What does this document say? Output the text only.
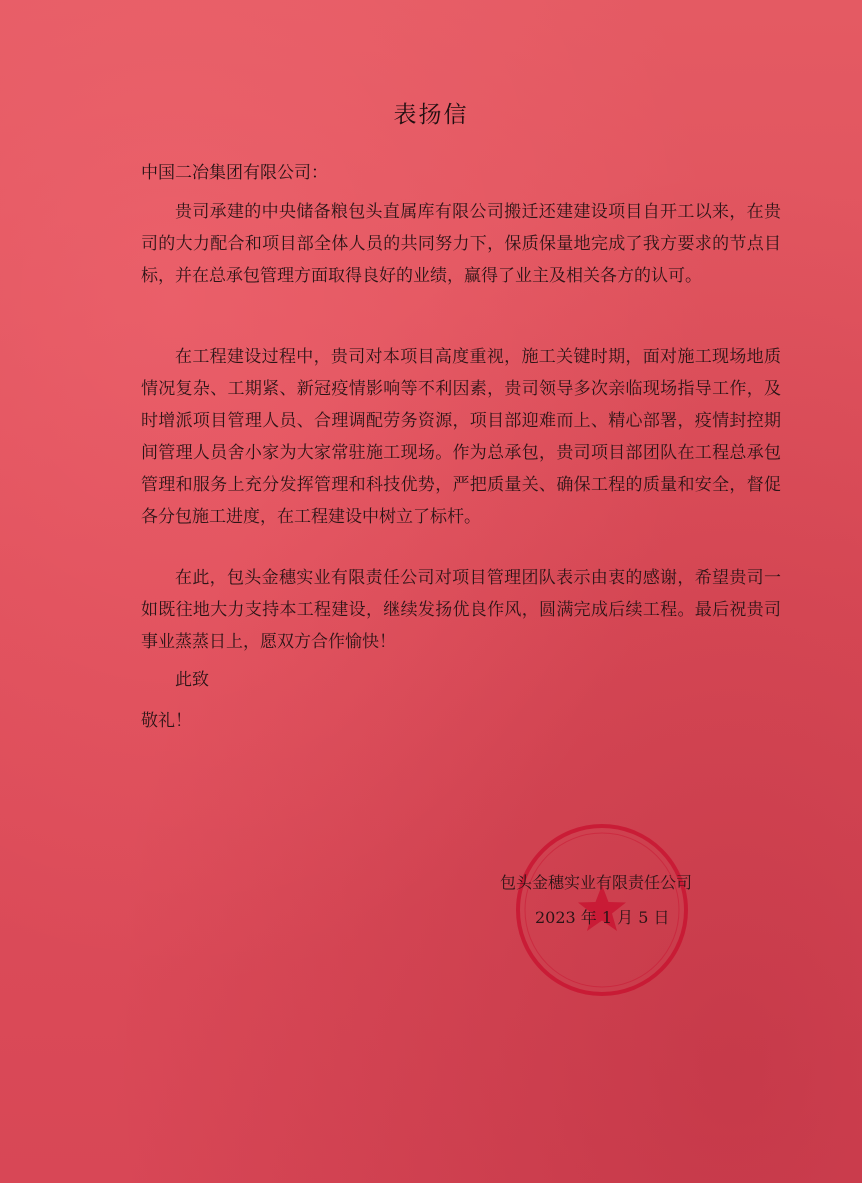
表扬信
中国二冶集团有限公司：

贵司承建的中央储备粮包头直属库有限公司搬迁还建建设项目自开工以来，在贵司的大力配合和项目部全体人员的共同努力下，保质保量地完成了我方要求的节点目标，并在总承包管理方面取得良好的业绩，赢得了业主及相关各方的认可。

在工程建设过程中，贵司对本项目高度重视，施工关键时期，面对施工现场地质情况复杂、工期紧、新冠疫情影响等不利因素，贵司领导多次亲临现场指导工作，及时增派项目管理人员、合理调配劳务资源，项目部迎难而上、精心部署，疫情封控期间管理人员舍小家为大家常驻施工现场。作为总承包，贵司项目部团队在工程总承包管理和服务上充分发挥管理和科技优势，严把质量关、确保工程的质量和安全，督促各分包施工进度，在工程建设中树立了标杆。

在此，包头金穗实业有限责任公司对项目管理团队表示由衷的感谢，希望贵司一如既往地大力支持本工程建设，继续发扬优良作风，圆满完成后续工程。最后祝贵司事业蒸蒸日上，愿双方合作愉快！

此致
敬礼！
包头金穗实业有限责任公司
2023 年 1 月 5 日
